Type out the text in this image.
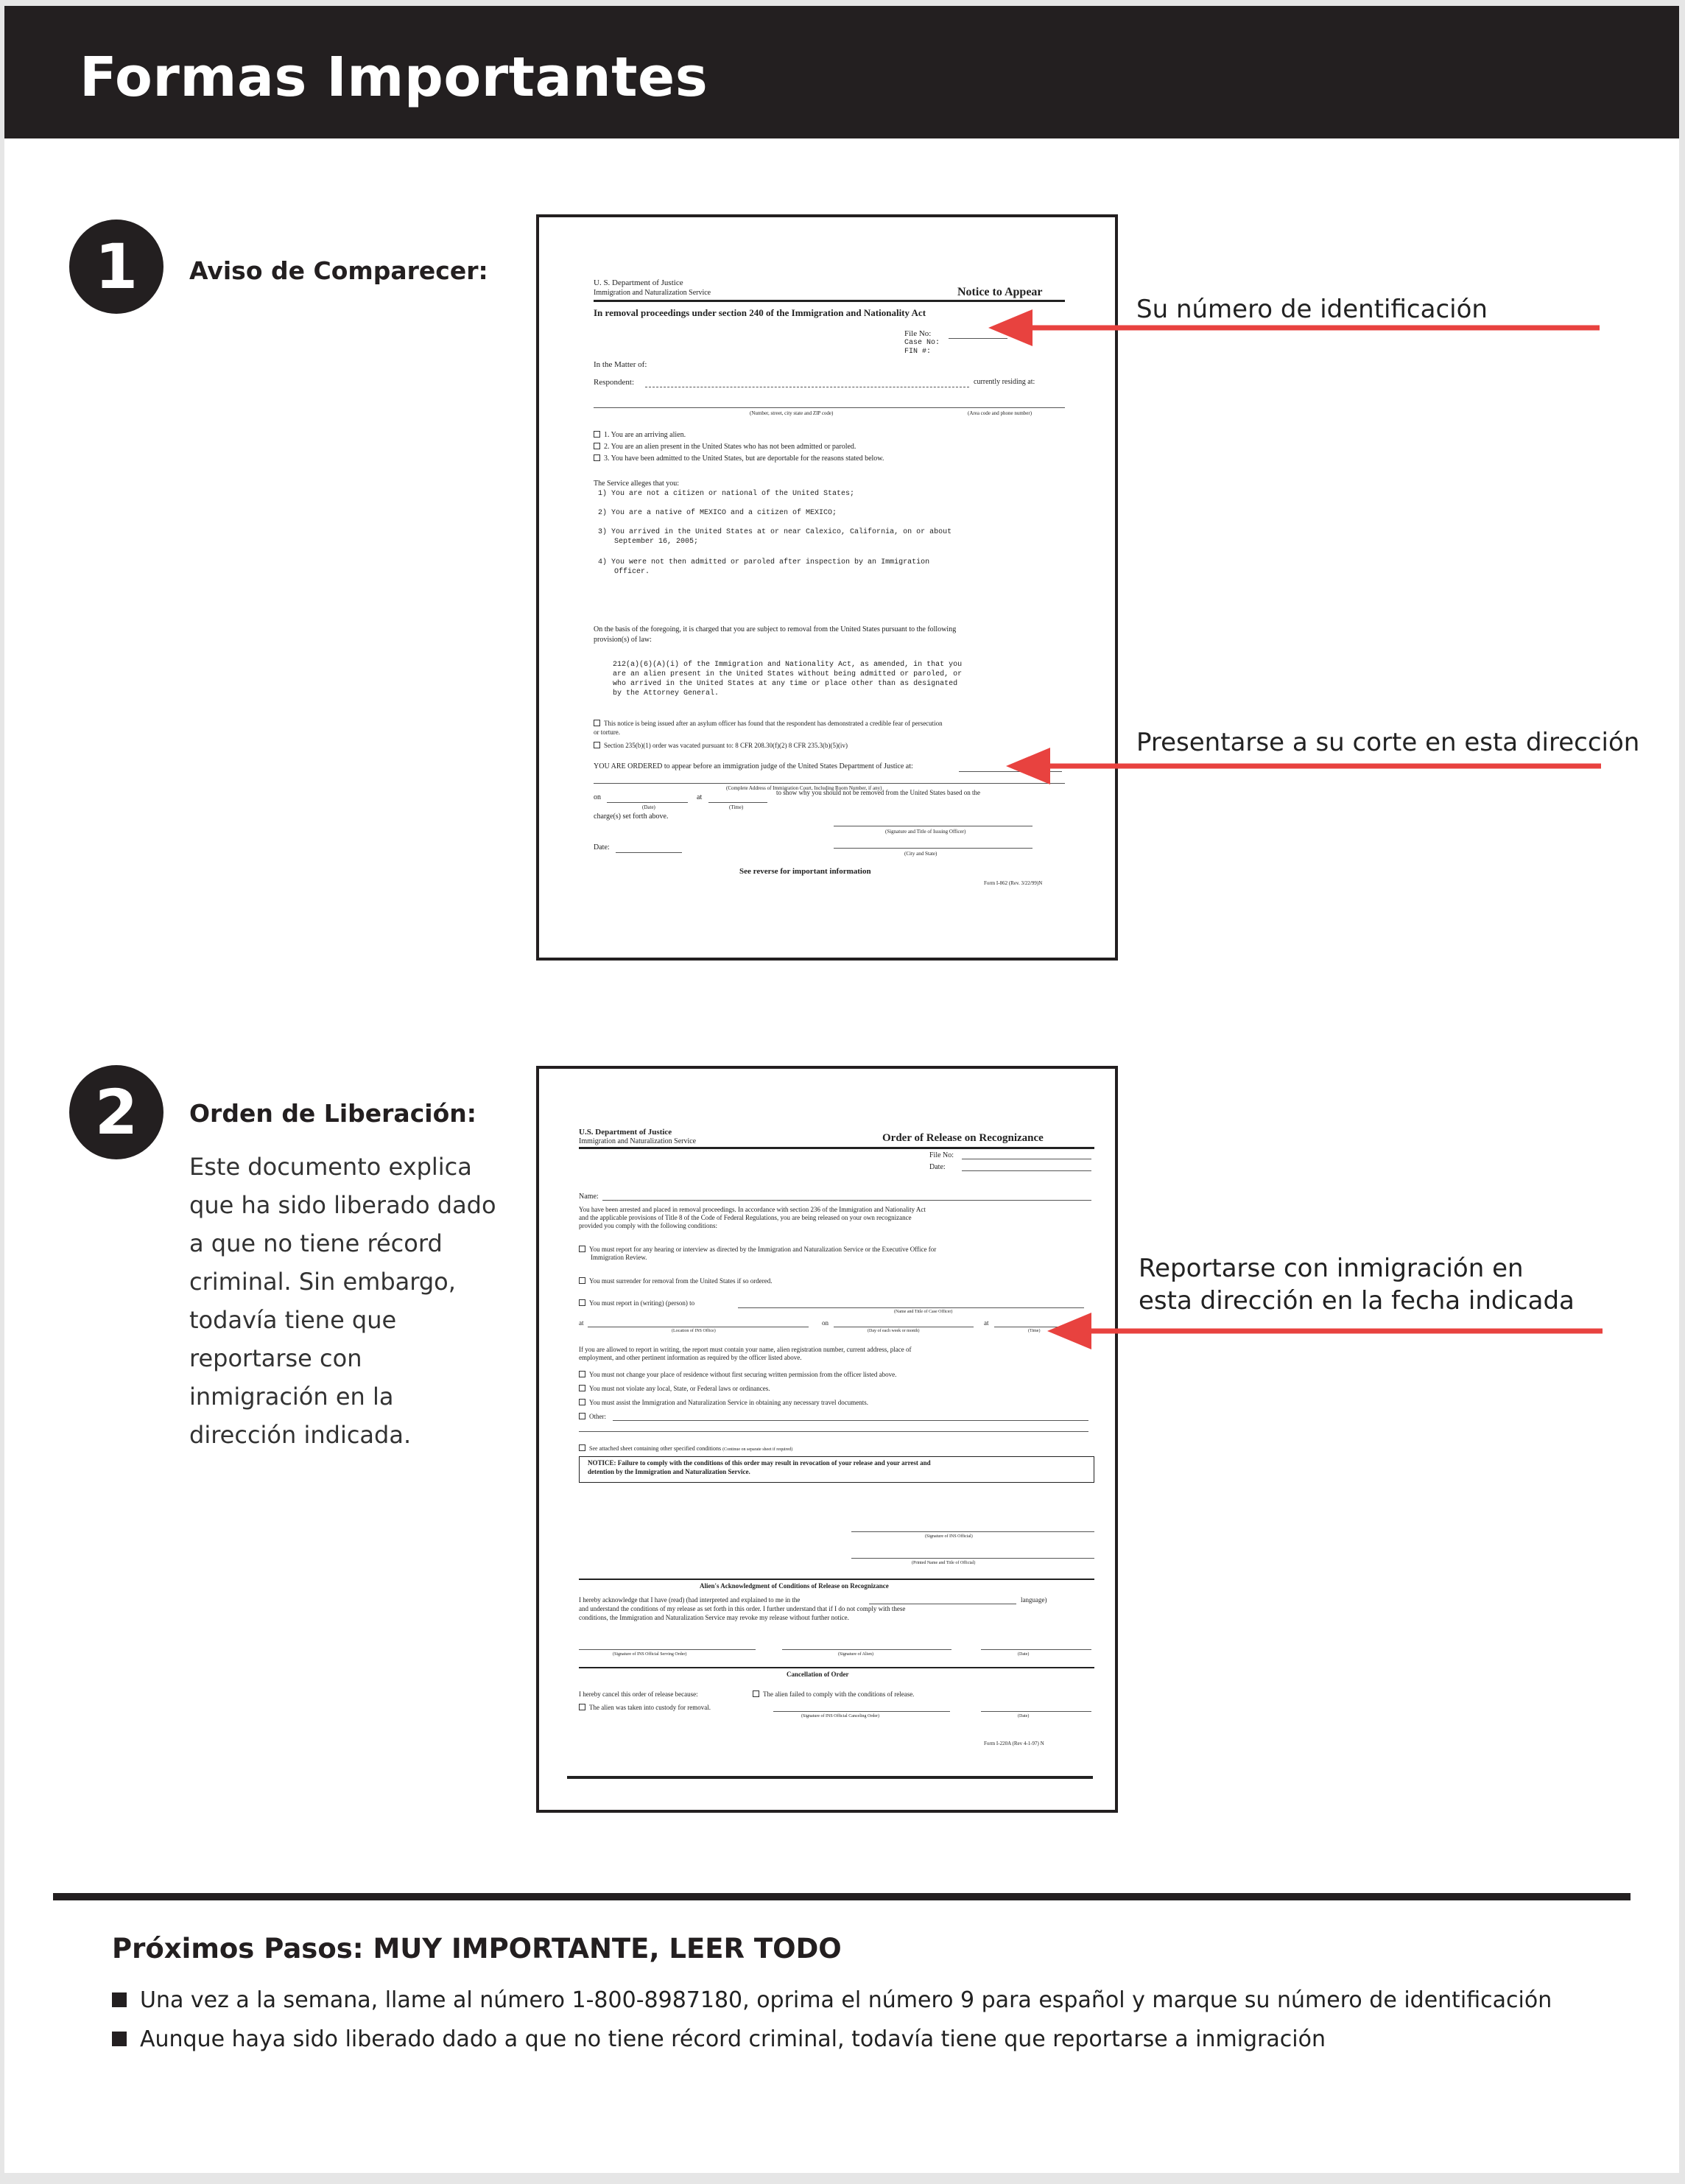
Formas Importantes
1	Aviso de Comparecer:	U. S. Department of Justice
Immigration and Naturalization Service	Notice to Appear
In removal proceedings under section 240 of the Immigration and Nationality Act
File No:
Case No:
FIN #:
In the Matter of:
Respondent:	currently residing at:
(Number, street, city state and ZIP code)	(Area code and phone number)
1. You are an arriving alien.
2. You are an alien present in the United States who has not been admitted or paroled.
3. You have been admitted to the United States, but are deportable for the reasons stated below.
The Service alleges that you:
1) You are not a citizen or national of the United States;
2) You are a native of MEXICO and a citizen of MEXICO;
3) You arrived in the United States at or near Calexico, California, on or about
September 16, 2005;
4) You were not then admitted or paroled after inspection by an Immigration
Officer.
On the basis of the foregoing, it is charged that you are subject to removal from the United States pursuant to the following
provision(s) of law:
212(a)(6)(A)(i) of the Immigration and Nationality Act, as amended, in that you
are an alien present in the United States without being admitted or paroled, or
who arrived in the United States at any time or place other than as designated
by the Attorney General.
This notice is being issued after an asylum officer has found that the respondent has demonstrated a credible fear of persecution
or torture.
Section 235(b)(1) order was vacated pursuant to: 8 CFR 208.30(f)(2) 8 CFR 235.3(b)(5)(iv)
YOU ARE ORDERED to appear before an immigration judge of the United States Department of Justice at:
(Complete Address of Immigration Court, Including Room Number, if any)
on	at
to show why you should not be removed from the United States based on the
(Date)	(Time)
charge(s) set forth above.
(Signature and Title of Issuing Officer)
Date:
(City and State)
See reverse for important information
Form I-862 (Rev. 3/22/99)N
Su número de identificación
Presentarse a su corte en esta dirección
2	Orden de Liberación:
Este documento explica que ha sido liberado dado a que no tiene récord criminal. Sin embargo, todavía tiene que reportarse con inmigración en la dirección indicada.
U.S. Department of Justice
Immigration and Naturalization Service	Order of Release on Recognizance
File No:
Date:
Name:
You have been arrested and placed in removal proceedings. In accordance with section 236 of the Immigration and Nationality Act
and the applicable provisions of Title 8 of the Code of Federal Regulations, you are being released on your own recognizance
provided you comply with the following conditions:
You must report for any hearing or interview as directed by the Immigration and Naturalization Service or the Executive Office for
Immigration Review.
You must surrender for removal from the United States if so ordered.
You must report in (writing) (person) to
(Name and Title of Case Officer)
at	on	at
(Location of INS Office)	(Day of each week or month)	(Time)
If you are allowed to report in writing, the report must contain your name, alien registration number, current address, place of
employment, and other pertinent information as required by the officer listed above.
You must not change your place of residence without first securing written permission from the officer listed above.
You must not violate any local, State, or Federal laws or ordinances.
You must assist the Immigration and Naturalization Service in obtaining any necessary travel documents.
Other:
See attached sheet containing other specified conditions (Continue on separate sheet if required)
NOTICE: Failure to comply with the conditions of this order may result in revocation of your release and your arrest and
detention by the Immigration and Naturalization Service.
(Signature of INS Official)
(Printed Name and Title of Official)
Alien's Acknowledgment of Conditions of Release on Recognizance
I hereby acknowledge that I have (read) (had interpreted and explained to me in the	language)
and understand the conditions of my release as set forth in this order. I further understand that if I do not comply with these
conditions, the Immigration and Naturalization Service may revoke my release without further notice.
(Signature of INS Official Serving Order)	(Signature of Alien)	(Date)
Cancellation of Order
I hereby cancel this order of release because:	The alien failed to comply with the conditions of release.
The alien was taken into custody for removal.
(Signature of INS Official Canceling Order)	(Date)
Form I-220A (Rev 4-1-97) N
Reportarse con inmigración en esta dirección en la fecha indicada
Próximos Pasos: MUY IMPORTANTE, LEER TODO
Una vez a la semana, llame al número 1-800-8987180, oprima el número 9 para español y marque su número de identificación
Aunque haya sido liberado dado a que no tiene récord criminal, todavía tiene que reportarse a inmigración
